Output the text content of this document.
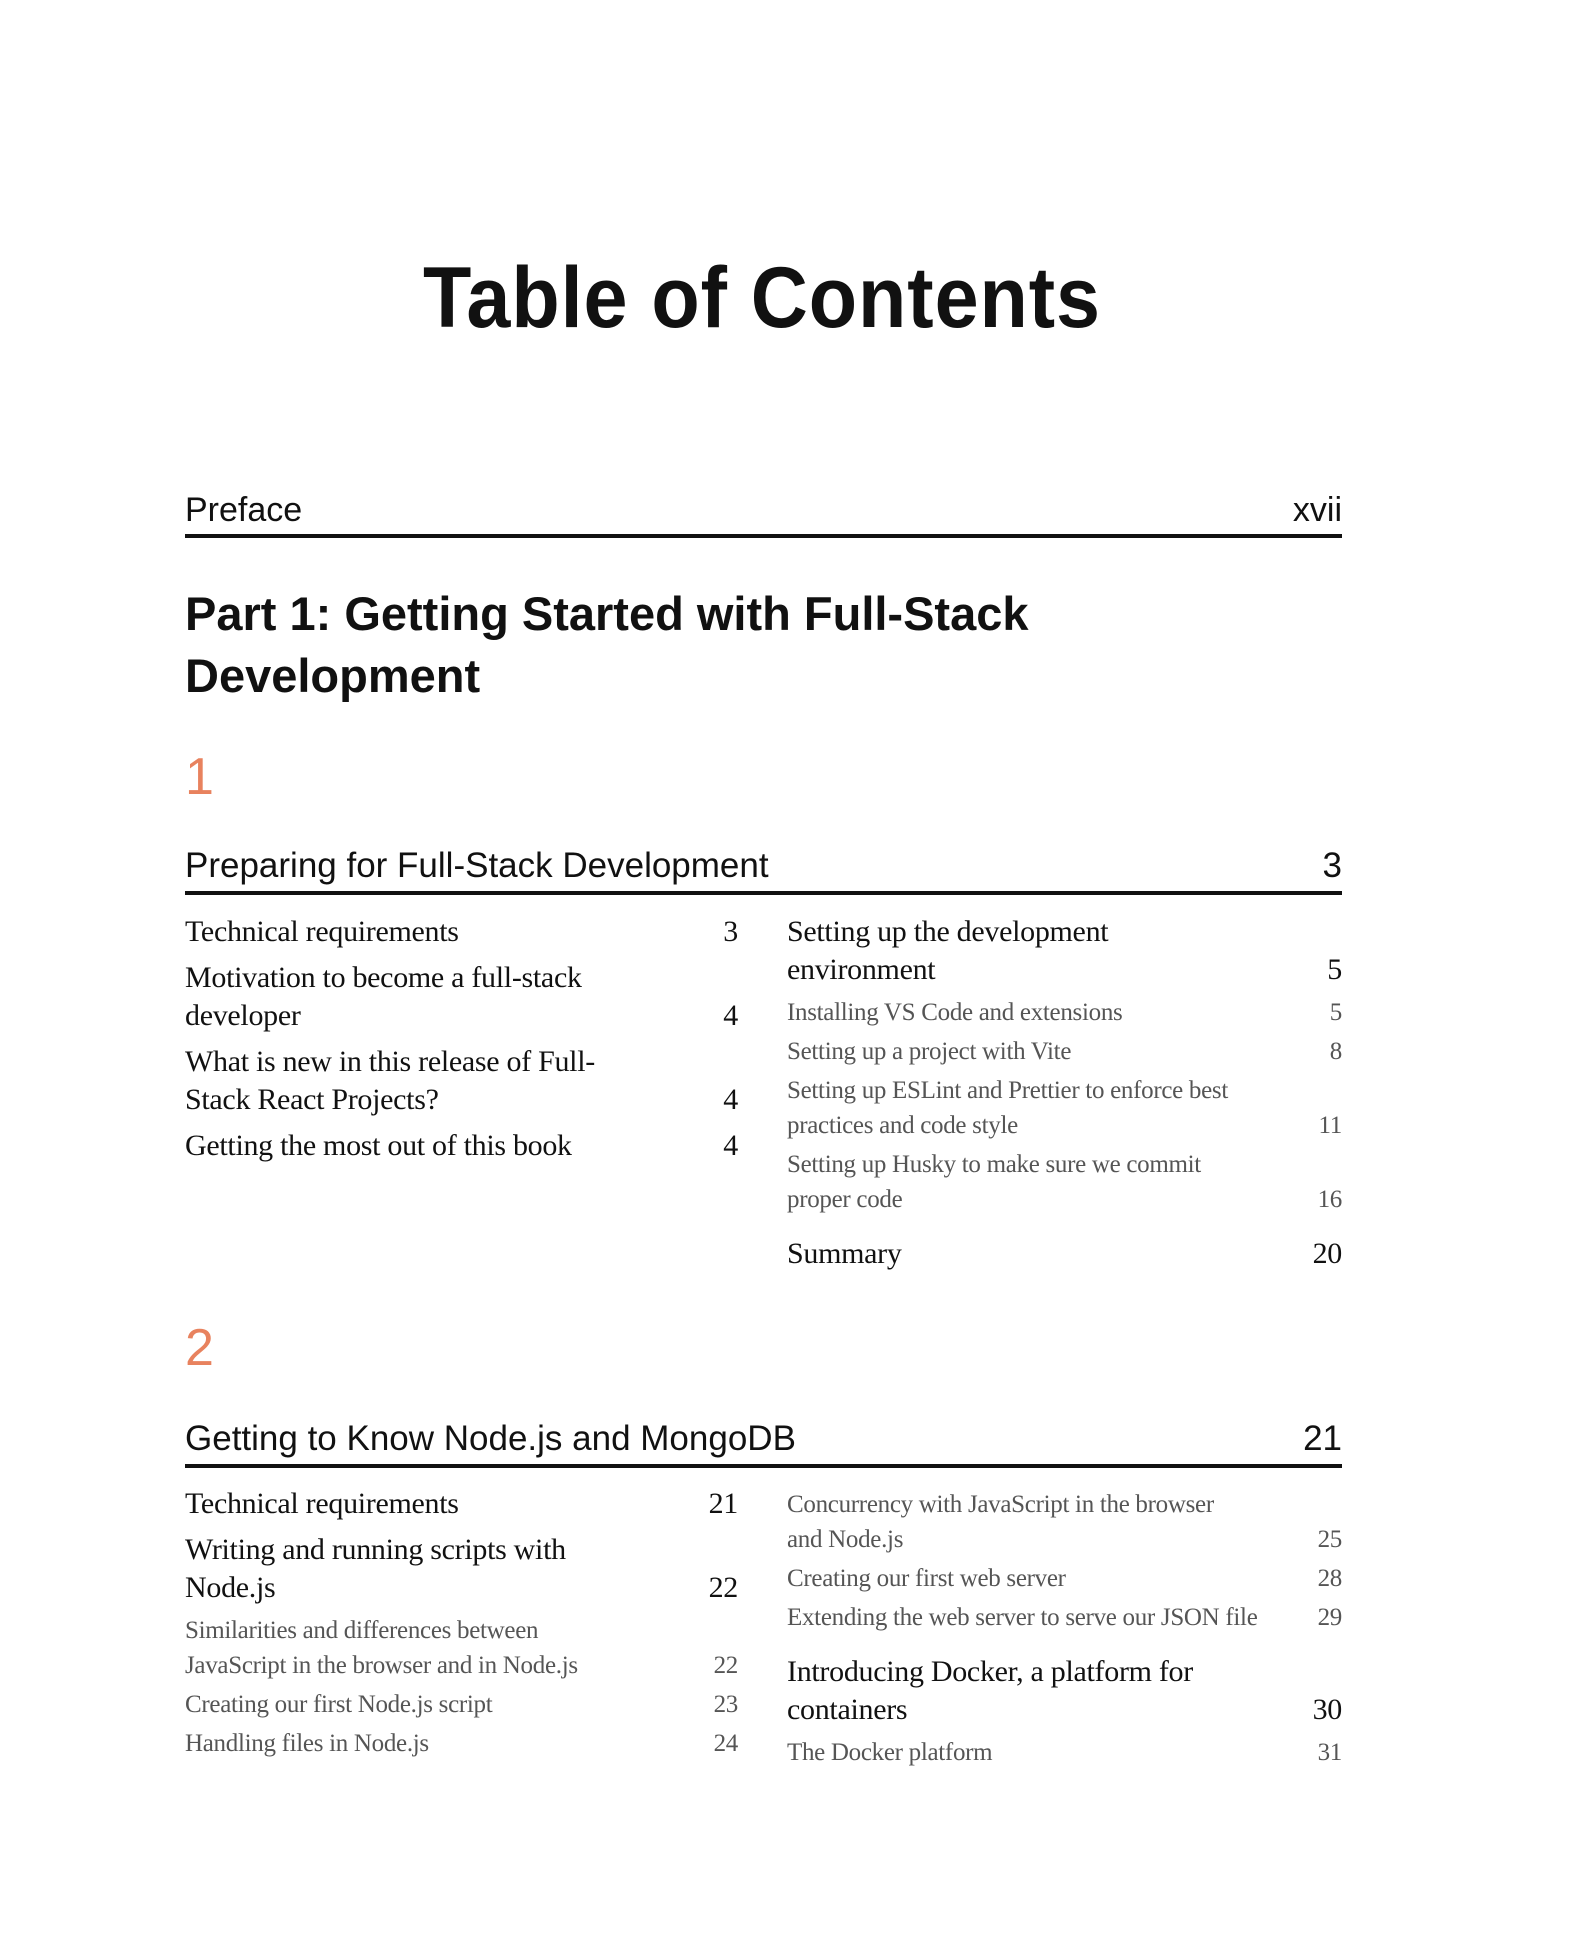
Table of Contents
Preface	xvii
Part 1: Getting Started with Full-Stack
Development
1
Preparing for Full-Stack Development	3
Technical requirements	3
Motivation to become a full-stack
developer	4
What is new in this release of Full-
Stack React Projects?	4
Getting the most out of this book	4
Setting up the development
environment	5
Installing VS Code and extensions	5
Setting up a project with Vite	8
Setting up ESLint and Prettier to enforce best
practices and code style	11
Setting up Husky to make sure we commit
proper code	16
Summary	20
2
Getting to Know Node.js and MongoDB	21
Technical requirements	21
Writing and running scripts with
Node.js	22
Similarities and differences between
JavaScript in the browser and in Node.js	22
Creating our first Node.js script	23
Handling files in Node.js	24
Concurrency with JavaScript in the browser
and Node.js	25
Creating our first web server	28
Extending the web server to serve our JSON file	29
Introducing Docker, a platform for
containers	30
The Docker platform	31
